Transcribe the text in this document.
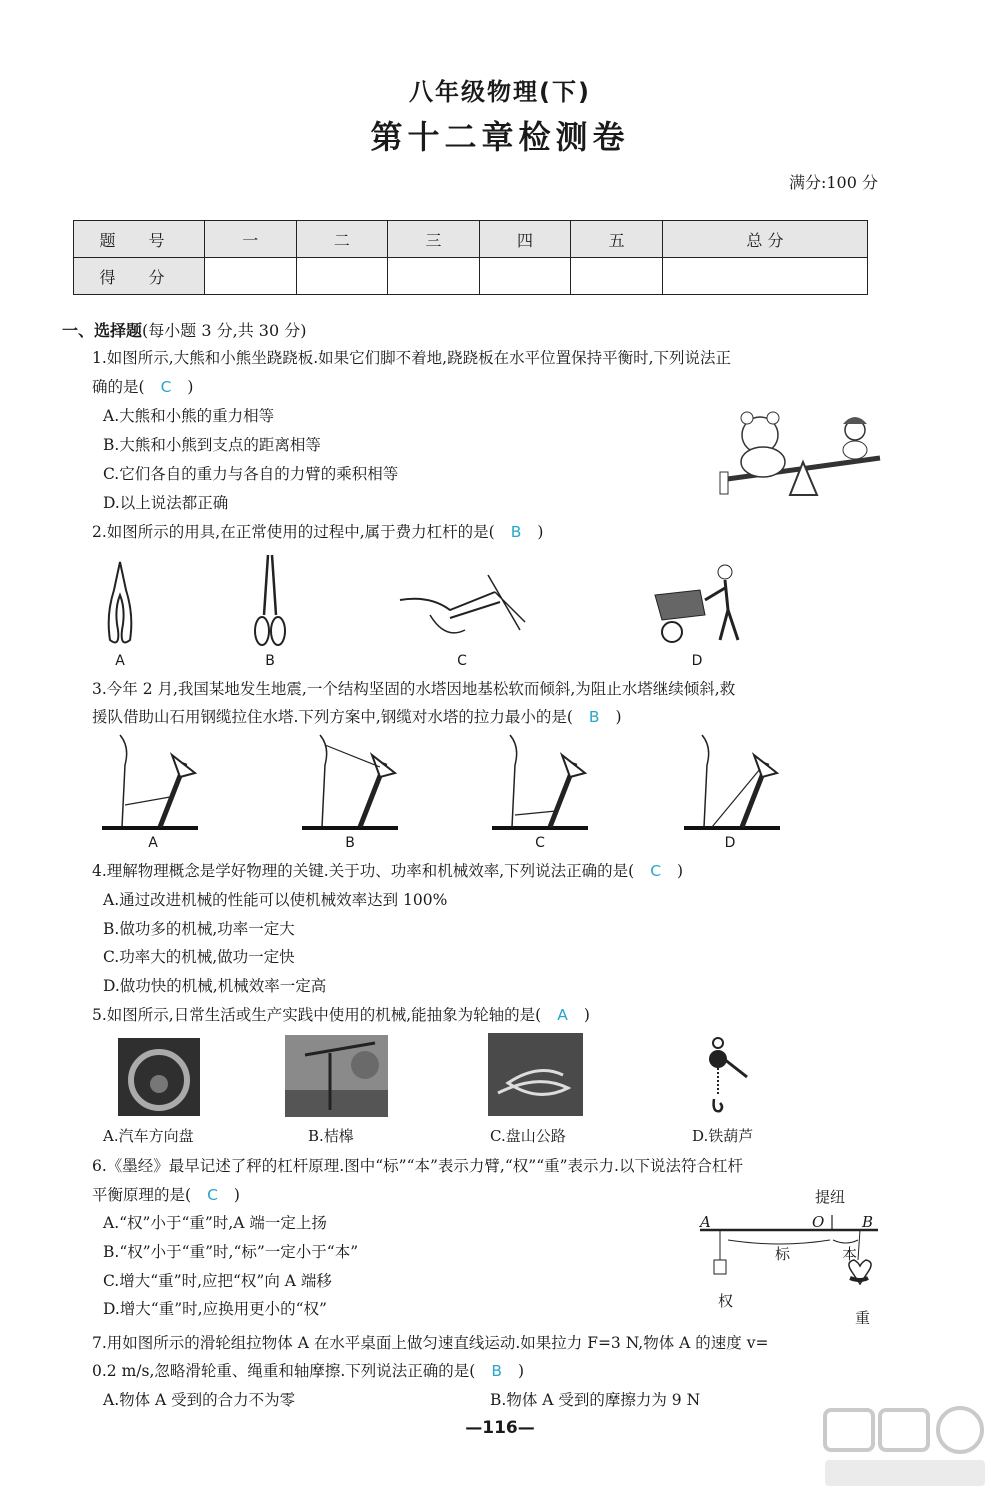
八年级物理(下)
第十二章检测卷
满分:100 分
题 号	一	二	三	四	五	总 分
得 分						
一、选择题(每小题 3 分,共 30 分)
1.如图所示,大熊和小熊坐跷跷板.如果它们脚不着地,跷跷板在水平位置保持平衡时,下列说法正
确的是( C )
A.大熊和小熊的重力相等
B.大熊和小熊到支点的距离相等
C.它们各自的重力与各自的力臂的乘积相等
D.以上说法都正确
2.如图所示的用具,在正常使用的过程中,属于费力杠杆的是( B )
A	B	C	D
3.今年 2 月,我国某地发生地震,一个结构坚固的水塔因地基松软而倾斜,为阻止水塔继续倾斜,救
援队借助山石用钢缆拉住水塔.下列方案中,钢缆对水塔的拉力最小的是( B )
A	B	C	D
4.理解物理概念是学好物理的关键.关于功、功率和机械效率,下列说法正确的是( C )
A.通过改进机械的性能可以使机械效率达到 100%
B.做功多的机械,功率一定大
C.功率大的机械,做功一定快
D.做功快的机械,机械效率一定高
5.如图所示,日常生活或生产实践中使用的机械,能抽象为轮轴的是( A )
A.汽车方向盘	B.桔槔	C.盘山公路	D.铁葫芦
6.《墨经》最早记述了秤的杠杆原理.图中“标”“本”表示力臂,“权”“重”表示力.以下说法符合杠杆
平衡原理的是( C )
A.“权”小于“重”时,A 端一定上扬
B.“权”小于“重”时,“标”一定小于“本”
C.增大“重”时,应把“权”向 A 端移
D.增大“重”时,应换用更小的“权”
提纽
A	O	B
标	本
权
重
7.用如图所示的滑轮组拉物体 A 在水平桌面上做匀速直线运动.如果拉力 F=3 N,物体 A 的速度 v=
0.2 m/s,忽略滑轮重、绳重和轴摩擦.下列说法正确的是( B )
A.物体 A 受到的合力不为零	B.物体 A 受到的摩擦力为 9 N
—116—
